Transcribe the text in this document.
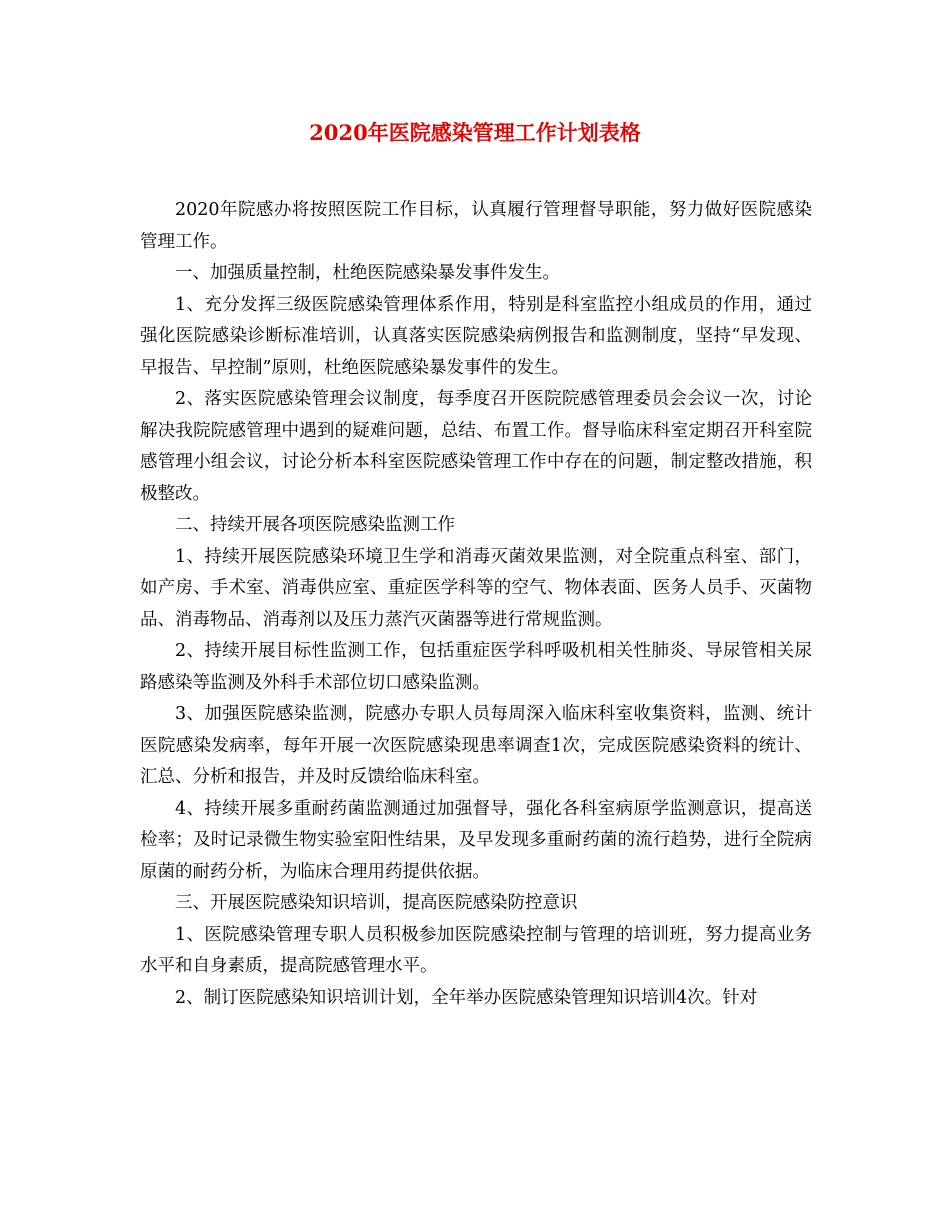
2020年医院感染管理工作计划表格

2020年院感办将按照医院工作目标，认真履行管理督导职能，努力做好医院感染管理工作。

一、加强质量控制，杜绝医院感染暴发事件发生。

1、充分发挥三级医院感染管理体系作用，特别是科室监控小组成员的作用，通过强化医院感染诊断标准培训，认真落实医院感染病例报告和监测制度，坚持“早发现、早报告、早控制”原则，杜绝医院感染暴发事件的发生。

2、落实医院感染管理会议制度，每季度召开医院院感管理委员会会议一次，讨论解决我院院感管理中遇到的疑难问题，总结、布置工作。督导临床科室定期召开科室院感管理小组会议，讨论分析本科室医院感染管理工作中存在的问题，制定整改措施，积极整改。

二、持续开展各项医院感染监测工作

1、持续开展医院感染环境卫生学和消毒灭菌效果监测，对全院重点科室、部门，如产房、手术室、消毒供应室、重症医学科等的空气、物体表面、医务人员手、灭菌物品、消毒物品、消毒剂以及压力蒸汽灭菌器等进行常规监测。

2、持续开展目标性监测工作，包括重症医学科呼吸机相关性肺炎、导尿管相关尿路感染等监测及外科手术部位切口感染监测。

3、加强医院感染监测，院感办专职人员每周深入临床科室收集资料，监测、统计医院感染发病率，每年开展一次医院感染现患率调查1次，完成医院感染资料的统计、汇总、分析和报告，并及时反馈给临床科室。

4、持续开展多重耐药菌监测通过加强督导，强化各科室病原学监测意识，提高送检率；及时记录微生物实验室阳性结果，及早发现多重耐药菌的流行趋势，进行全院病原菌的耐药分析，为临床合理用药提供依据。

三、开展医院感染知识培训，提高医院感染防控意识

1、医院感染管理专职人员积极参加医院感染控制与管理的培训班，努力提高业务水平和自身素质，提高院感管理水平。

2、制订医院感染知识培训计划，全年举办医院感染管理知识培训4次。针对
